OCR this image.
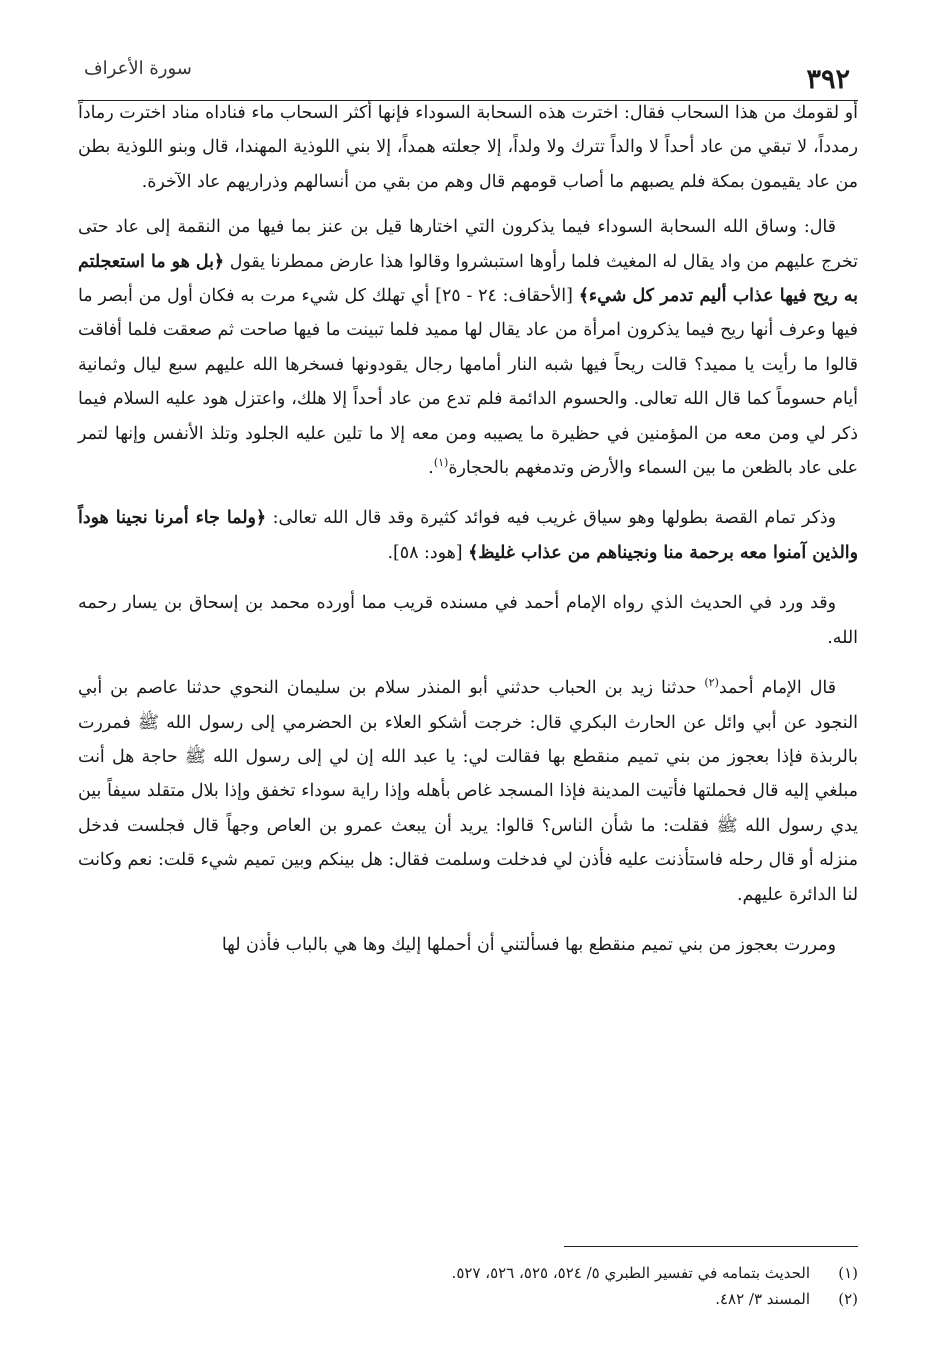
٣٩٢
سورة الأعراف

أو لقومك من هذا السحاب فقال: اخترت هذه السحابة السوداء فإنها أكثر السحاب ماء فناداه مناد اخترت رماداً رمدداً، لا تبقي من عاد أحداً لا والداً تترك ولا ولداً، إلا جعلته همداً، إلا بني اللوذية المهندا، قال وبنو اللوذية بطن من عاد يقيمون بمكة فلم يصبهم ما أصاب قومهم قال وهم من بقي من أنسالهم وذراريهم عاد الآخرة.

قال: وساق الله السحابة السوداء فيما يذكرون التي اختارها قيل بن عنز بما فيها من النقمة إلى عاد حتى تخرج عليهم من واد يقال له المغيث فلما رأوها استبشروا وقالوا هذا عارض ممطرنا يقول ﴿بل هو ما استعجلتم به ريح فيها عذاب أليم تدمر كل شيء﴾ [الأحقاف: ٢٤ - ٢٥] أي تهلك كل شيء مرت به فكان أول من أبصر ما فيها وعرف أنها ريح فيما يذكرون امرأة من عاد يقال لها مميد فلما تبينت ما فيها صاحت ثم صعقت فلما أفاقت قالوا ما رأيت يا مميد؟ قالت ريحاً فيها شبه النار أمامها رجال يقودونها فسخرها الله عليهم سبع ليال وثمانية أيام حسوماً كما قال الله تعالى. والحسوم الدائمة فلم تدع من عاد أحداً إلا هلك، واعتزل هود عليه السلام فيما ذكر لي ومن معه من المؤمنين في حظيرة ما يصيبه ومن معه إلا ما تلين عليه الجلود وتلذ الأنفس وإنها لتمر على عاد بالظعن ما بين السماء والأرض وتدمغهم بالحجارة$^{(١)}$.

وذكر تمام القصة بطولها وهو سياق غريب فيه فوائد كثيرة وقد قال الله تعالى: ﴿ولما جاء أمرنا نجينا هوداً والذين آمنوا معه برحمة منا ونجيناهم من عذاب غليظ﴾ [هود: ٥٨].

وقد ورد في الحديث الذي رواه الإمام أحمد في مسنده قريب مما أورده محمد بن إسحاق بن يسار رحمه الله.

قال الإمام أحمد$^{(٢)}$ حدثنا زيد بن الحباب حدثني أبو المنذر سلام بن سليمان النحوي حدثنا عاصم بن أبي النجود عن أبي وائل عن الحارث البكري قال: خرجت أشكو العلاء بن الحضرمي إلى رسول الله ﷺ فمررت بالربذة فإذا بعجوز من بني تميم منقطع بها فقالت لي: يا عبد الله إن لي إلى رسول الله ﷺ حاجة هل أنت مبلغي إليه قال فحملتها فأتيت المدينة فإذا المسجد غاص بأهله وإذا راية سوداء تخفق وإذا بلال متقلد سيفاً بين يدي رسول الله ﷺ فقلت: ما شأن الناس؟ قالوا: يريد أن يبعث عمرو بن العاص وجهاً قال فجلست فدخل منزله أو قال رحله فاستأذنت عليه فأذن لي فدخلت وسلمت فقال: هل بينكم وبين تميم شيء قلت: نعم وكانت لنا الدائرة عليهم.

ومررت بعجوز من بني تميم منقطع بها فسألتني أن أحملها إليك وها هي بالباب فأذن لها

(١)
الحديث بتمامه في تفسير الطبري ٥/ ٥٢٤، ٥٢٥، ٥٢٦، ٥٢٧.
(٢)
المسند ٣/ ٤٨٢.
